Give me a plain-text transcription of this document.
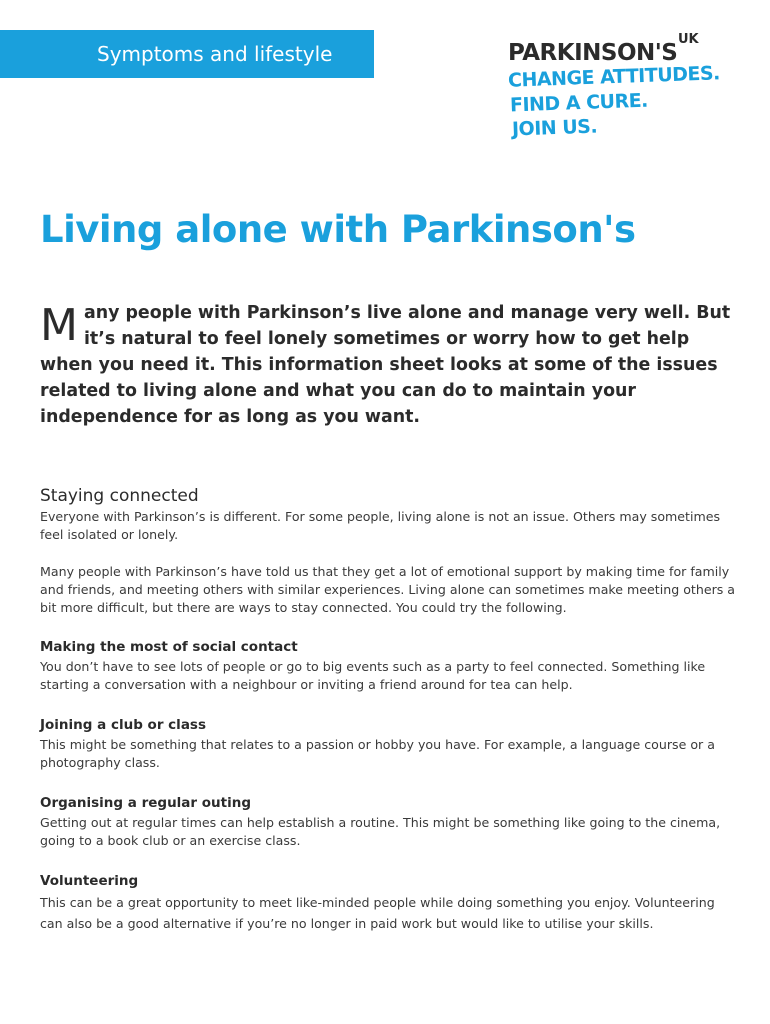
Symptoms and lifestyle	PARKINSON'S
UK
CHANGE ATTITUDES.
FIND A CURE.
JOIN US.
Living alone with Parkinson's
Many people with Parkinson’s live alone and manage very well. But it’s natural to feel lonely sometimes or worry how to get help when you need it. This information sheet looks at some of the issues related to living alone and what you can do to maintain your independence for as long as you want.
Staying connected

Everyone with Parkinson’s is different. For some people, living alone is not an issue. Others may sometimes feel isolated or lonely.

Many people with Parkinson’s have told us that they get a lot of emotional support by making time for family and friends, and meeting others with similar experiences. Living alone can sometimes make meeting others a bit more difficult, but there are ways to stay connected. You could try the following.

Making the most of social contact

You don’t have to see lots of people or go to big events such as a party to feel connected. Something like starting a conversation with a neighbour or inviting a friend around for tea can help.

Joining a club or class

This might be something that relates to a passion or hobby you have. For example, a language course or a photography class.

Organising a regular outing

Getting out at regular times can help establish a routine. This might be something like going to the cinema, going to a book club or an exercise class.

Volunteering

This can be a great opportunity to meet like-minded people while doing something you enjoy. Volunteering can also be a good alternative if you’re no longer in paid work but would like to utilise your skills.
